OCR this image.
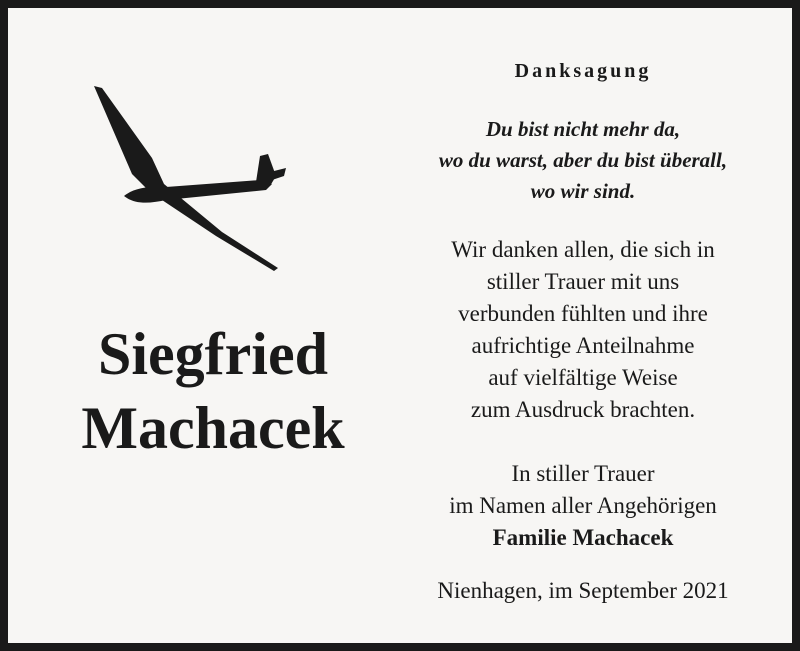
Siegfried
Machacek
Danksagung
Du bist nicht mehr da,
wo du warst, aber du bist überall,
wo wir sind.
Wir danken allen, die sich in
stiller Trauer mit uns
verbunden fühlten und ihre
aufrichtige Anteilnahme
auf vielfältige Weise
zum Ausdruck brachten.
In stiller Trauer
im Namen aller Angehörigen
Familie Machacek
Nienhagen, im September 2021
